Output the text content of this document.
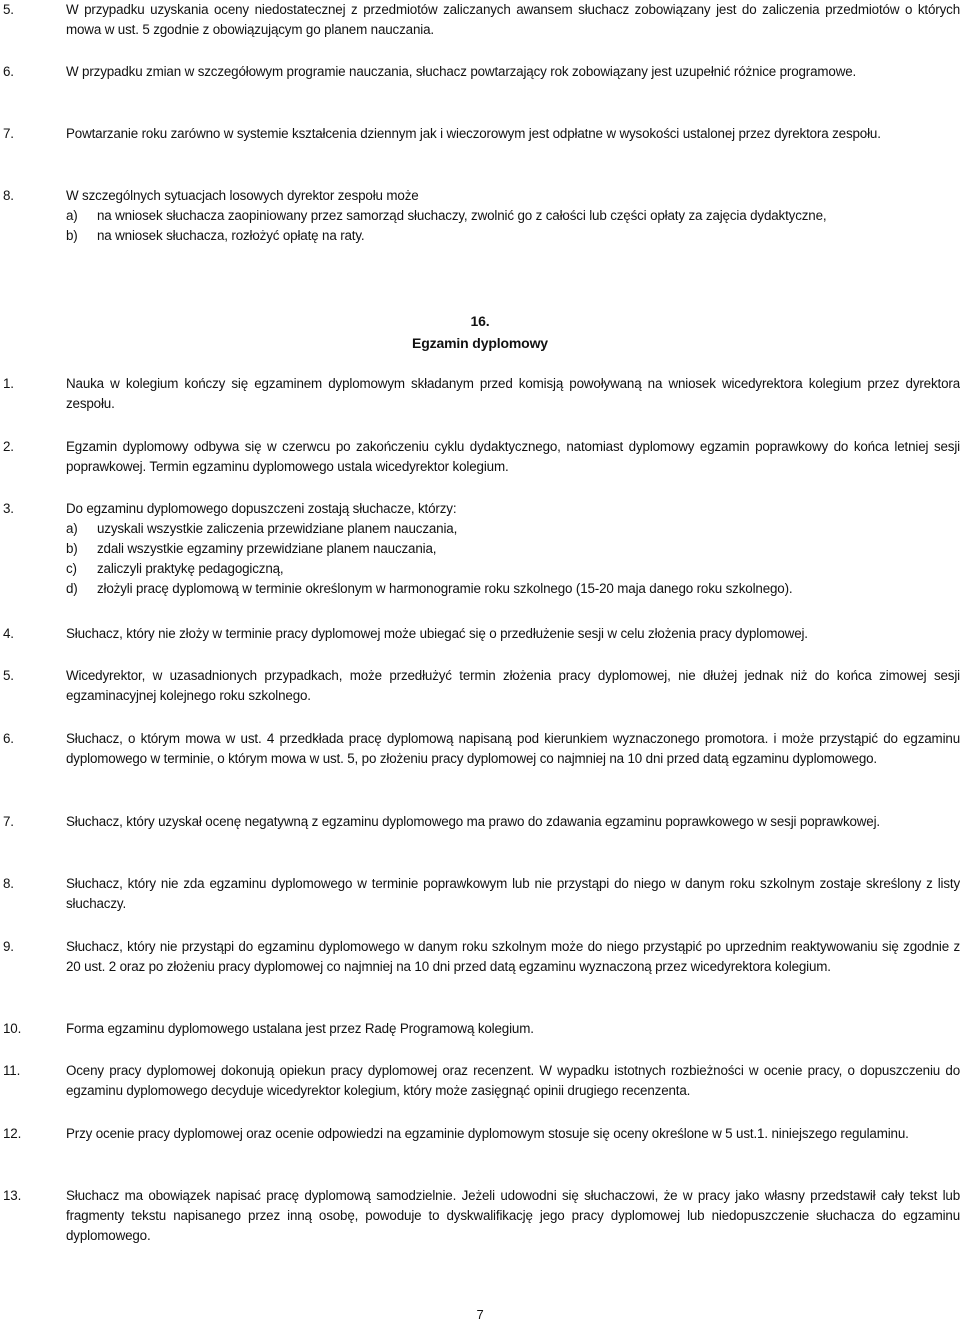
5.	W przypadku uzyskania oceny niedostatecznej z przedmiotów zaliczanych awansem słuchacz zobowiązany jest do zaliczenia przedmiotów o których mowa w ust. 5 zgodnie z obowiązującym go planem nauczania.
6.	W przypadku zmian w szczegółowym programie nauczania, słuchacz powtarzający rok zobowiązany jest uzupełnić różnice programowe.
7.	Powtarzanie roku zarówno w systemie kształcenia dziennym jak i wieczorowym jest odpłatne w wysokości ustalonej przez dyrektora zespołu.
8.	W szczególnych sytuacjach losowych dyrektor zespołu może
a)	na wniosek słuchacza zaopiniowany przez samorząd słuchaczy, zwolnić go z całości lub części opłaty za zajęcia dydaktyczne,
b)	na wniosek słuchacza, rozłożyć opłatę na raty.
16.
Egzamin dyplomowy
1.	Nauka w kolegium kończy się egzaminem dyplomowym składanym przed komisją powoływaną na wniosek wicedyrektora kolegium przez dyrektora zespołu.
2.	Egzamin dyplomowy odbywa się w czerwcu po zakończeniu cyklu dydaktycznego, natomiast dyplomowy egzamin poprawkowy do końca letniej sesji poprawkowej. Termin egzaminu dyplomowego ustala wicedyrektor kolegium.
3.	Do egzaminu dyplomowego dopuszczeni zostają słuchacze, którzy:
a)	uzyskali wszystkie zaliczenia przewidziane planem nauczania,
b)	zdali wszystkie egzaminy przewidziane planem nauczania,
c)	zaliczyli praktykę pedagogiczną,
d)	złożyli pracę dyplomową w terminie określonym w harmonogramie roku szkolnego (15-20 maja danego roku szkolnego).
4.	Słuchacz, który nie złoży w terminie pracy dyplomowej może ubiegać się o przedłużenie sesji w celu złożenia pracy dyplomowej.
5.	Wicedyrektor, w uzasadnionych przypadkach, może przedłużyć termin złożenia pracy dyplomowej, nie dłużej jednak niż do końca zimowej sesji egzaminacyjnej kolejnego roku szkolnego.
6.	Słuchacz, o którym mowa w ust. 4 przedkłada pracę dyplomową napisaną pod kierunkiem wyznaczonego promotora. i może przystąpić do egzaminu dyplomowego w terminie, o którym mowa w ust. 5, po złożeniu pracy dyplomowej co najmniej na 10 dni przed datą egzaminu dyplomowego.
7.	Słuchacz, który uzyskał ocenę negatywną z egzaminu dyplomowego ma prawo do zdawania egzaminu poprawkowego w sesji poprawkowej.
8.	Słuchacz, który nie zda egzaminu dyplomowego w terminie poprawkowym lub nie przystąpi do niego w danym roku szkolnym zostaje skreślony z listy słuchaczy.
9.	Słuchacz, który nie przystąpi do egzaminu dyplomowego w danym roku szkolnym może do niego przystąpić po uprzednim reaktywowaniu się zgodnie z 20 ust. 2 oraz po złożeniu pracy dyplomowej co najmniej na 10 dni przed datą egzaminu wyznaczoną przez wicedyrektora kolegium.
10.	Forma egzaminu dyplomowego ustalana jest przez Radę Programową kolegium.
11.	Oceny pracy dyplomowej dokonują opiekun pracy dyplomowej oraz recenzent. W wypadku istotnych rozbieżności w ocenie pracy, o dopuszczeniu do egzaminu dyplomowego decyduje wicedyrektor kolegium, który może zasięgnąć opinii drugiego recenzenta.
12.	Przy ocenie pracy dyplomowej oraz ocenie odpowiedzi na egzaminie dyplomowym stosuje się oceny określone w 5 ust.1. niniejszego regulaminu.
13.	Słuchacz ma obowiązek napisać pracę dyplomową samodzielnie. Jeżeli udowodni się słuchaczowi, że w pracy jako własny przedstawił cały tekst lub fragmenty tekstu napisanego przez inną osobę, powoduje to dyskwalifikację jego pracy dyplomowej lub niedopuszczenie słuchacza do egzaminu dyplomowego.
7
